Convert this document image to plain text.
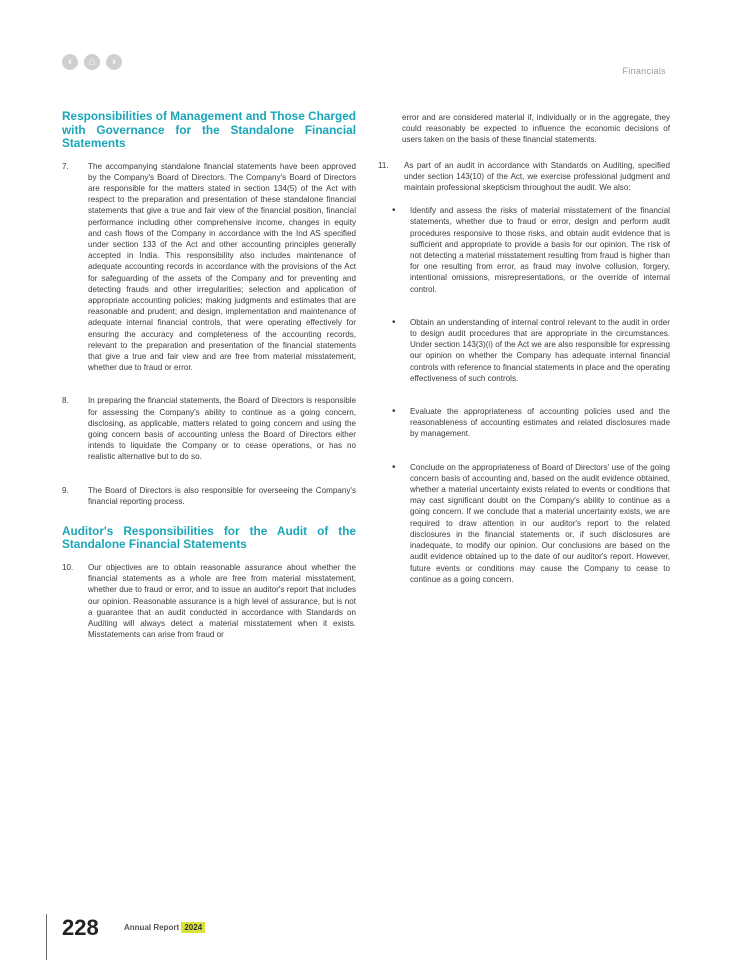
‹	⌂	›
Financials
Responsibilities of Management and Those Charged with Governance for the Standalone Financial Statements
7.	The accompanying standalone financial statements have been approved by the Company's Board of Directors. The Company's Board of Directors are responsible for the matters stated in section 134(5) of the Act with respect to the preparation and presentation of these standalone financial statements that give a true and fair view of the financial position, financial performance including other comprehensive income, changes in equity and cash flows of the Company in accordance with the Ind AS specified under section 133 of the Act and other accounting principles generally accepted in India. This responsibility also includes maintenance of adequate accounting records in accordance with the provisions of the Act for safeguarding of the assets of the Company and for preventing and detecting frauds and other irregularities; selection and application of appropriate accounting policies; making judgments and estimates that are reasonable and prudent; and design, implementation and maintenance of adequate internal financial controls, that were operating effectively for ensuring the accuracy and completeness of the accounting records, relevant to the preparation and presentation of the financial statements that give a true and fair view and are free from material misstatement, whether due to fraud or error.
8.	In preparing the financial statements, the Board of Directors is responsible for assessing the Company's ability to continue as a going concern, disclosing, as applicable, matters related to going concern and using the going concern basis of accounting unless the Board of Directors either intends to liquidate the Company or to cease operations, or has no realistic alternative but to do so.
9.	The Board of Directors is also responsible for overseeing the Company's financial reporting process.
Auditor's Responsibilities for the Audit of the Standalone Financial Statements
10.	Our objectives are to obtain reasonable assurance about whether the financial statements as a whole are free from material misstatement, whether due to fraud or error, and to issue an auditor's report that includes our opinion. Reasonable assurance is a high level of assurance, but is not a guarantee that an audit conducted in accordance with Standards on Auditing will always detect a material misstatement when it exists. Misstatements can arise from fraud or
error and are considered material if, individually or in the aggregate, they could reasonably be expected to influence the economic decisions of users taken on the basis of these financial statements.
11.	As part of an audit in accordance with Standards on Auditing, specified under section 143(10) of the Act, we exercise professional judgment and maintain professional skepticism throughout the audit. We also:
•	Identify and assess the risks of material misstatement of the financial statements, whether due to fraud or error, design and perform audit procedures responsive to those risks, and obtain audit evidence that is sufficient and appropriate to provide a basis for our opinion. The risk of not detecting a material misstatement resulting from fraud is higher than for one resulting from error, as fraud may involve collusion, forgery, intentional omissions, misrepresentations, or the override of internal control.
•	Obtain an understanding of internal control relevant to the audit in order to design audit procedures that are appropriate in the circumstances. Under section 143(3)(i) of the Act we are also responsible for expressing our opinion on whether the Company has adequate internal financial controls with reference to financial statements in place and the operating effectiveness of such controls.
•	Evaluate the appropriateness of accounting policies used and the reasonableness of accounting estimates and related disclosures made by management.
•	Conclude on the appropriateness of Board of Directors' use of the going concern basis of accounting and, based on the audit evidence obtained, whether a material uncertainty exists related to events or conditions that may cast significant doubt on the Company's ability to continue as a going concern. If we conclude that a material uncertainty exists, we are required to draw attention in our auditor's report to the related disclosures in the financial statements or, if such disclosures are inadequate, to modify our opinion. Our conclusions are based on the audit evidence obtained up to the date of our auditor's report. However, future events or conditions may cause the Company to cease to continue as a going concern.
228	Annual Report 2024
